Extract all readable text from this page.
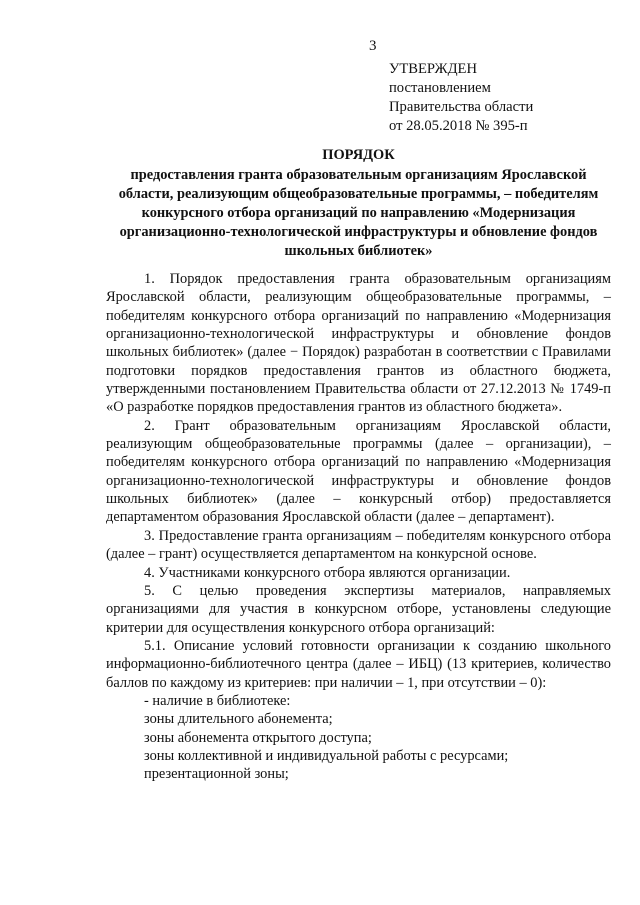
3
УТВЕРЖДЕН
постановлением
Правительства области
от 28.05.2018 № 395-п
ПОРЯДОК
предоставления гранта образовательным организациям Ярославской области, реализующим общеобразовательные программы, – победителям конкурсного отбора организаций по направлению «Модернизация организационно-технологической инфраструктуры и обновление фондов школьных библиотек»

1. Порядок предоставления гранта образовательным организациям Ярославской области, реализующим общеобразовательные программы, – победителям конкурсного отбора организаций по направлению «Модернизация организационно-технологической инфраструктуры и обновление фондов школьных библиотек» (далее − Порядок) разработан в соответствии с Правилами подготовки порядков предоставления грантов из областного бюджета, утвержденными постановлением Правительства области от 27.12.2013 № 1749-п «О разработке порядков предоставления грантов из областного бюджета».

2. Грант образовательным организациям Ярославской области, реализующим общеобразовательные программы (далее – организации), – победителям конкурсного отбора организаций по направлению «Модернизация организационно-технологической инфраструктуры и обновление фондов школьных библиотек» (далее – конкурсный отбор) предоставляется департаментом образования Ярославской области (далее – департамент).

3. Предоставление гранта организациям – победителям конкурсного отбора (далее – грант) осуществляется департаментом на конкурсной основе.

4. Участниками конкурсного отбора являются организации.

5. С целью проведения экспертизы материалов, направляемых организациями для участия в конкурсном отборе, установлены следующие критерии для осуществления конкурсного отбора организаций:

5.1. Описание условий готовности организации к созданию школьного информационно-библиотечного центра (далее – ИБЦ) (13 критериев, количество баллов по каждому из критериев: при наличии – 1, при отсутствии – 0):

- наличие в библиотеке:

зоны длительного абонемента;

зоны абонемента открытого доступа;

зоны коллективной и индивидуальной работы с ресурсами;

презентационной зоны;
